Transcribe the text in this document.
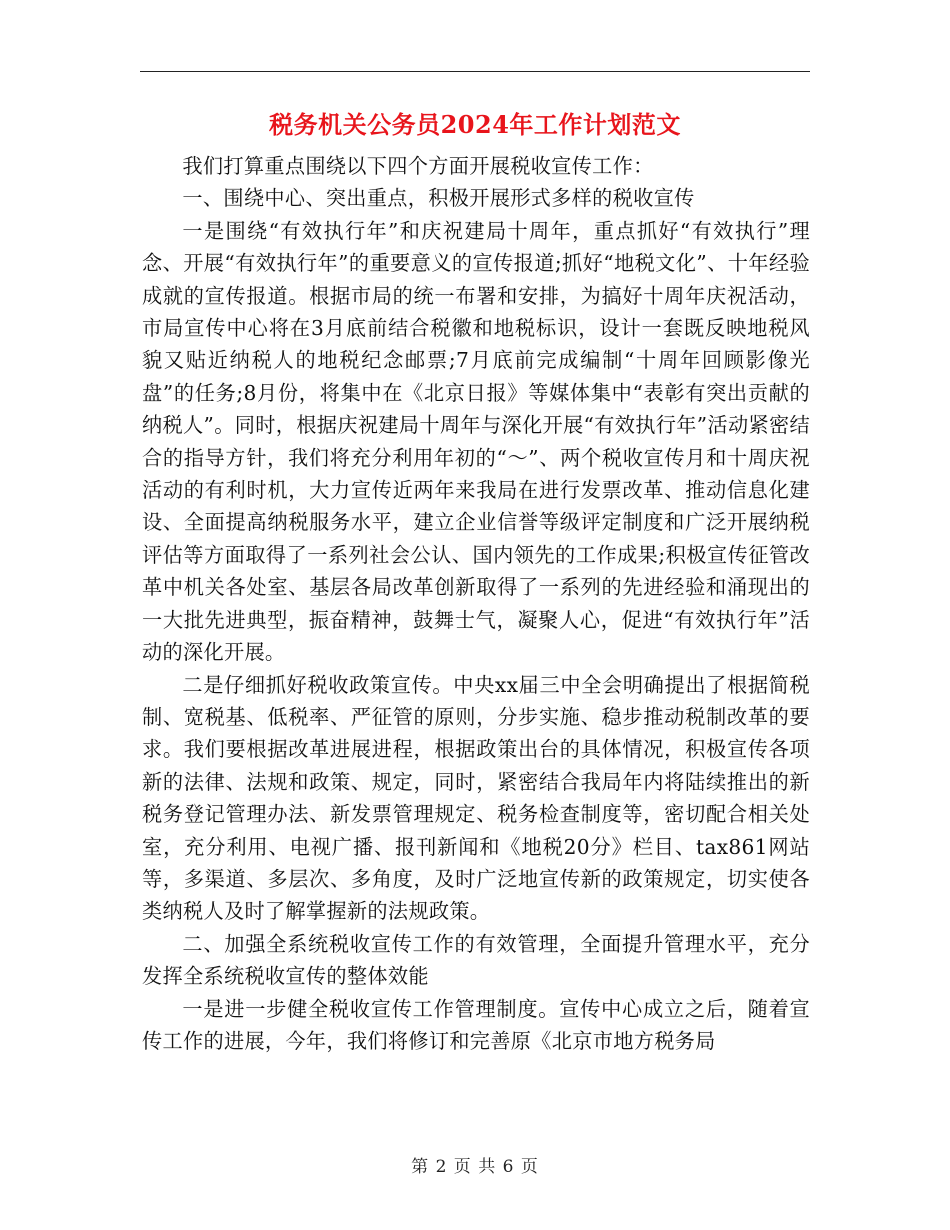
税务机关公务员2024年工作计划范文

我们打算重点围绕以下四个方面开展税收宣传工作：

一、围绕中心、突出重点，积极开展形式多样的税收宣传

一是围绕“有效执行年”和庆祝建局十周年，重点抓好“有效执行”理念、开展“有效执行年”的重要意义的宣传报道;抓好“地税文化”、十年经验成就的宣传报道。根据市局的统一布署和安排，为搞好十周年庆祝活动，市局宣传中心将在3月底前结合税徽和地税标识，设计一套既反映地税风貌又贴近纳税人的地税纪念邮票;7月底前完成编制“十周年回顾影像光盘”的任务;8月份，将集中在《北京日报》等媒体集中“表彰有突出贡献的纳税人”。同时，根据庆祝建局十周年与深化开展“有效执行年”活动紧密结合的指导方针，我们将充分利用年初的“～”、两个税收宣传月和十周庆祝活动的有利时机，大力宣传近两年来我局在进行发票改革、推动信息化建设、全面提高纳税服务水平，建立企业信誉等级评定制度和广泛开展纳税评估等方面取得了一系列社会公认、国内领先的工作成果;积极宣传征管改革中机关各处室、基层各局改革创新取得了一系列的先进经验和涌现出的一大批先进典型，振奋精神，鼓舞士气，凝聚人心，促进“有效执行年”活动的深化开展。

二是仔细抓好税收政策宣传。中央xx届三中全会明确提出了根据简税制、宽税基、低税率、严征管的原则，分步实施、稳步推动税制改革的要求。我们要根据改革进展进程，根据政策出台的具体情况，积极宣传各项新的法律、法规和政策、规定，同时，紧密结合我局年内将陆续推出的新税务登记管理办法、新发票管理规定、税务检查制度等，密切配合相关处室，充分利用、电视广播、报刊新闻和《地税20分》栏目、tax861网站等，多渠道、多层次、多角度，及时广泛地宣传新的政策规定，切实使各类纳税人及时了解掌握新的法规政策。

二、加强全系统税收宣传工作的有效管理，全面提升管理水平，充分发挥全系统税收宣传的整体效能

一是进一步健全税收宣传工作管理制度。宣传中心成立之后，随着宣传工作的进展，今年，我们将修订和完善原《北京市地方税务局

第 2 页 共 6 页
